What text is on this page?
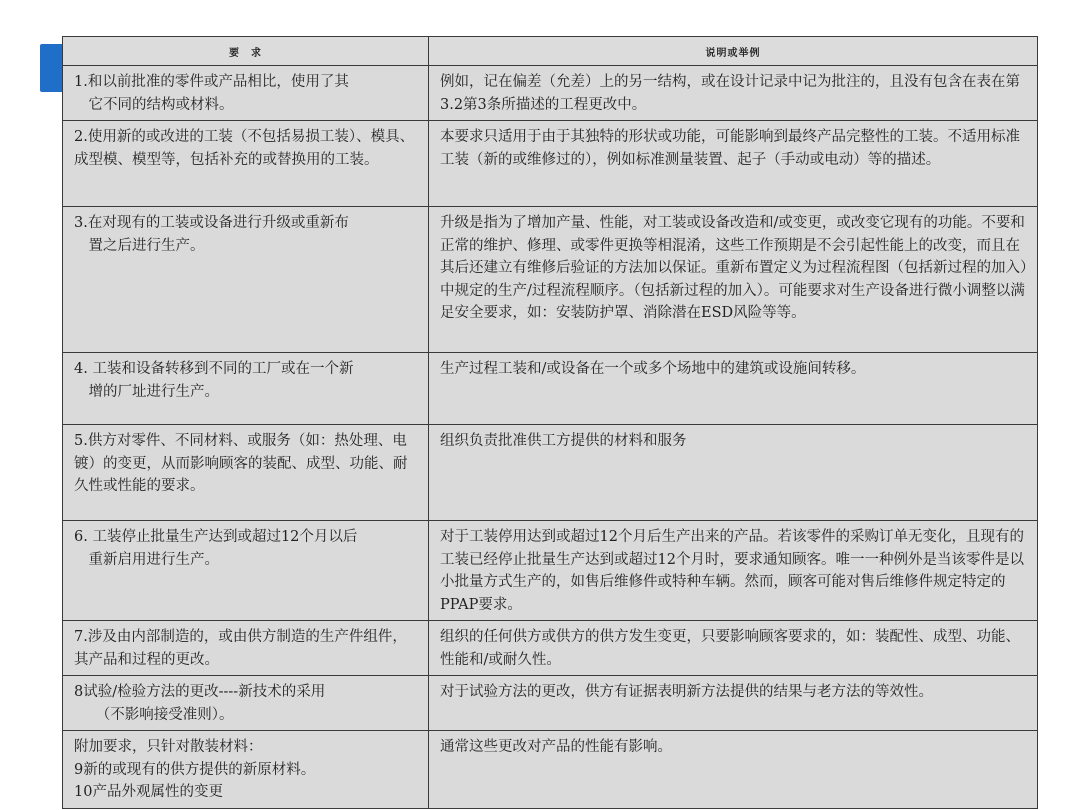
要　求	说明或举例

1.和以前批准的零件或产品相比，使用了其
　它不同的结构或材料。	例如，记在偏差（允差）上的另一结构，或在设计记录中记为批注的，且没有包含在表在第3.2第3条所描述的工程更改中。
2.使用新的或改进的工装（不包括易损工装）、模具、成型模、模型等，包括补充的或替换用的工装。	本要求只适用于由于其独特的形状或功能，可能影响到最终产品完整性的工装。不适用标准工装（新的或维修过的），例如标准测量装置、起子（手动或电动）等的描述。

3.在对现有的工装或设备进行升级或重新布
　置之后进行生产。	升级是指为了增加产量、性能，对工装或设备改造和/或变更，或改变它现有的功能。不要和正常的维护、修理、或零件更换等相混淆，这些工作预期是不会引起性能上的改变，而且在其后还建立有维修后验证的方法加以保证。重新布置定义为过程流程图（包括新过程的加入）中规定的生产/过程流程顺序。（包括新过程的加入）。可能要求对生产设备进行微小调整以满足安全要求，如：安装防护罩、消除潜在ESD风险等等。

4. 工装和设备转移到不同的工厂或在一个新
　增的厂址进行生产。	生产过程工装和/或设备在一个或多个场地中的建筑或设施间转移。
5.供方对零件、不同材料、或服务（如：热处理、电镀）的变更，从而影响顾客的装配、成型、功能、耐久性或性能的要求。	组织负责批准供工方提供的材料和服务

6. 工装停止批量生产达到或超过12个月以后
　重新启用进行生产。	对于工装停用达到或超过12个月后生产出来的产品。若该零件的采购订单无变化，且现有的工装已经停止批量生产达到或超过12个月时，要求通知顾客。唯一一种例外是当该零件是以小批量方式生产的，如售后维修件或特种车辆。然而，顾客可能对售后维修件规定特定的PPAP要求。
7.涉及由内部制造的，或由供方制造的生产件组件，其产品和过程的更改。	组织的任何供方或供方的供方发生变更，只要影响顾客要求的，如：装配性、成型、功能、性能和/或耐久性。

8试验/检验方法的更改----新技术的采用
　　（不影响接受准则）。	对于试验方法的更改，供方有证据表明新方法提供的结果与老方法的等效性。

附加要求，只针对散装材料：
9新的或现有的供方提供的新原材料。
10产品外观属性的变更	通常这些更改对产品的性能有影响。
